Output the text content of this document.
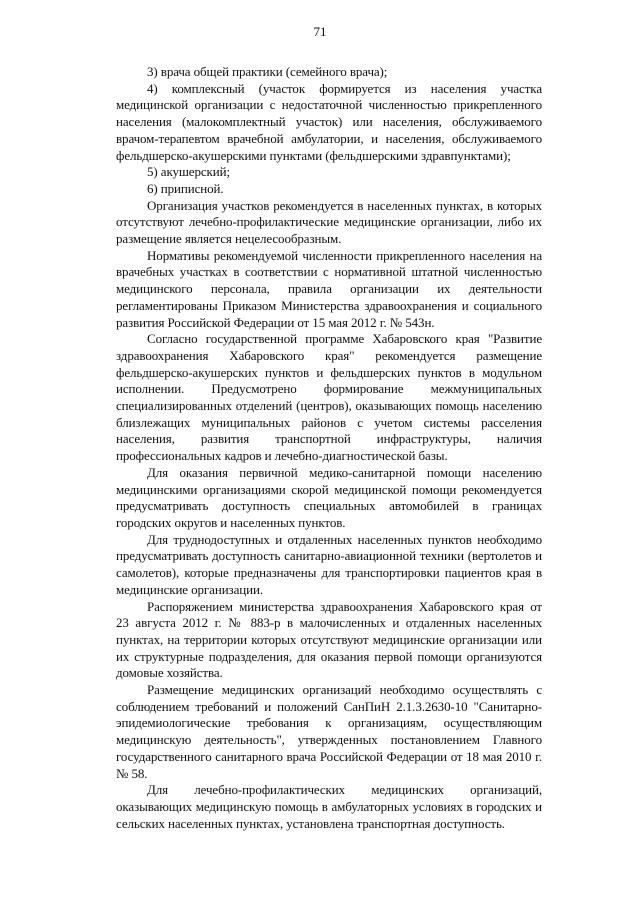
71

3) врача общей практики (семейного врача);

4) комплексный (участок формируется из населения участка медицинской организации с недостаточной численностью прикрепленного населения (малокомплектный участок) или населения, обслуживаемого врачом-терапевтом врачебной амбулатории, и населения, обслуживаемого фельдшерско-акушерскими пунктами (фельдшерскими здравпунктами);

5) акушерский;

6) приписной.

Организация участков рекомендуется в населенных пунктах, в которых отсутствуют лечебно-профилактические медицинские организации, либо их размещение является нецелесообразным.

Нормативы рекомендуемой численности прикрепленного населения на врачебных участках в соответствии с нормативной штатной численностью медицинского персонала, правила организации их деятельности регламентированы Приказом Министерства здравоохранения и социального развития Российской Федерации от 15 мая 2012 г. № 543н.

Согласно государственной программе Хабаровского края "Развитие здравоохранения Хабаровского края" рекомендуется размещение фельдшерско-акушерских пунктов и фельдшерских пунктов в модульном исполнении. Предусмотрено формирование межмуниципальных специализированных отделений (центров), оказывающих помощь населению близлежащих муниципальных районов с учетом системы расселения населения, развития транспортной инфраструктуры, наличия профессиональных кадров и лечебно-диагностической базы.

Для оказания первичной медико-санитарной помощи населению медицинскими организациями скорой медицинской помощи рекомендуется предусматривать доступность специальных автомобилей в границах городских округов и населенных пунктов.

Для труднодоступных и отдаленных населенных пунктов необходимо предусматривать доступность санитарно-авиационной техники (вертолетов и самолетов), которые предназначены для транспортировки пациентов края в медицинские организации.

Распоряжением министерства здравоохранения Хабаровского края от 23 августа 2012 г. № 883-р в малочисленных и отдаленных населенных пунктах, на территории которых отсутствуют медицинские организации или их структурные подразделения, для оказания первой помощи организуются домовые хозяйства.

Размещение медицинских организаций необходимо осуществлять с соблюдением требований и положений СанПиН 2.1.3.2630-10 "Санитарно-эпидемиологические требования к организациям, осуществляющим медицинскую деятельность", утвержденных постановлением Главного государственного санитарного врача Российской Федерации от 18 мая 2010 г. № 58.

Для лечебно-профилактических медицинских организаций, оказывающих медицинскую помощь в амбулаторных условиях в городских и сельских населенных пунктах, установлена транспортная доступность.
